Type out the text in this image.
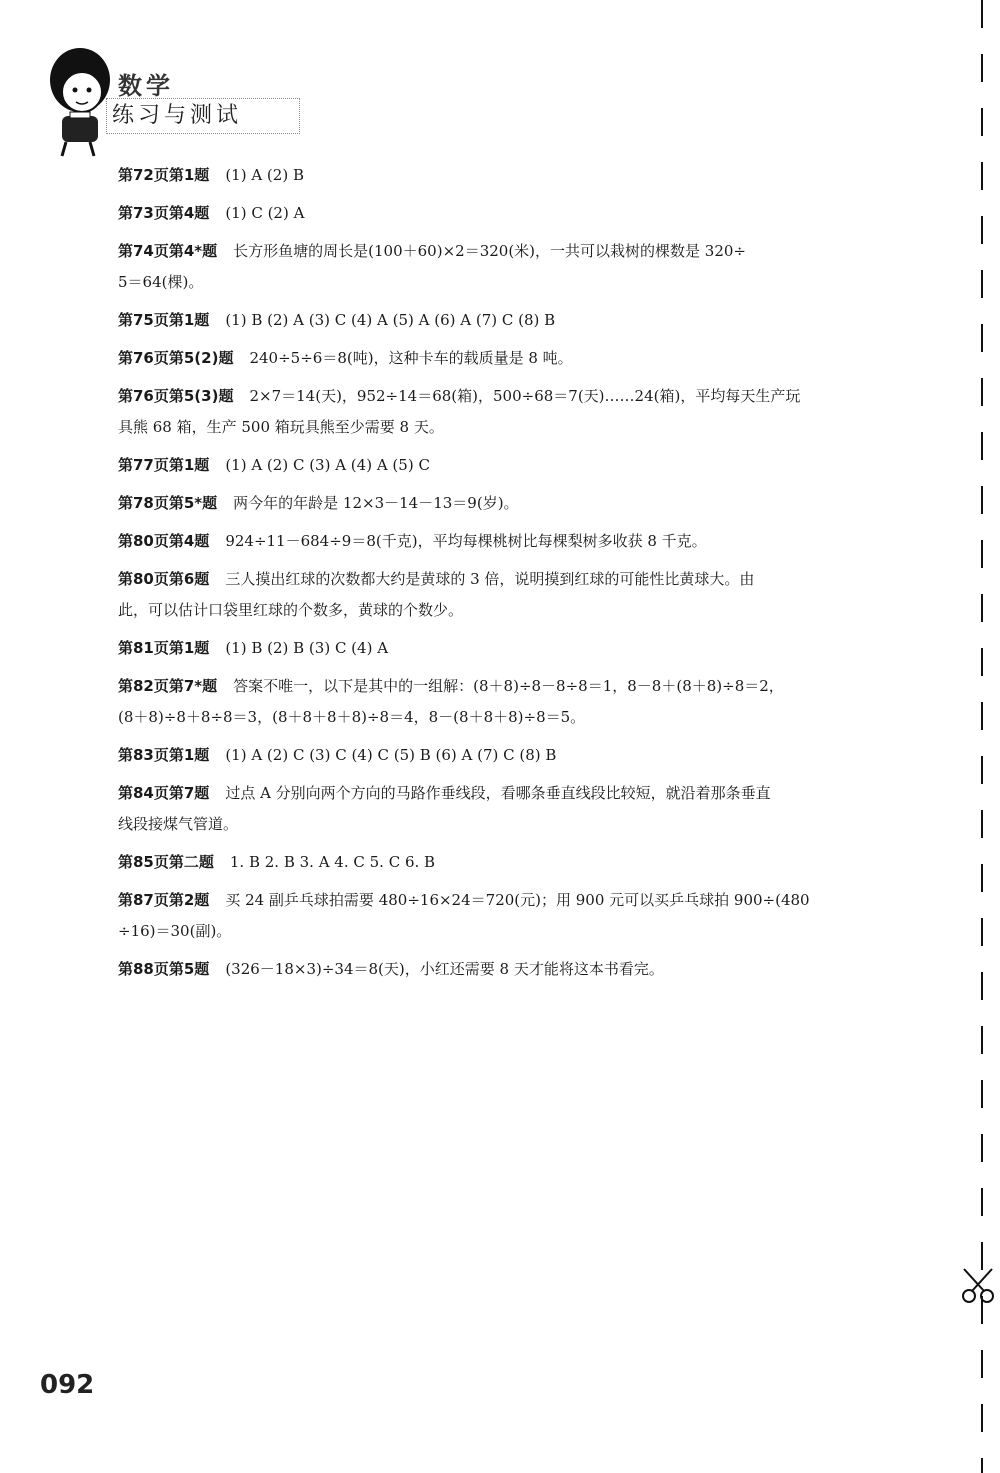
数学
练习与测试
第72页第1题 (1) A (2) B
第73页第4题 (1) C (2) A
第74页第4*题 长方形鱼塘的周长是(100＋60)×2＝320(米)，一共可以栽树的棵数是 320÷
5＝64(棵)。
第75页第1题 (1) B (2) A (3) C (4) A (5) A (6) A (7) C (8) B
第76页第5(2)题 240÷5÷6＝8(吨)，这种卡车的载质量是 8 吨。
第76页第5(3)题 2×7＝14(天)，952÷14＝68(箱)，500÷68＝7(天)……24(箱)，平均每天生产玩
具熊 68 箱，生产 500 箱玩具熊至少需要 8 天。
第77页第1题 (1) A (2) C (3) A (4) A (5) C
第78页第5*题 两今年的年龄是 12×3－14－13＝9(岁)。
第80页第4题 924÷11－684÷9＝8(千克)，平均每棵桃树比每棵梨树多收获 8 千克。
第80页第6题 三人摸出红球的次数都大约是黄球的 3 倍，说明摸到红球的可能性比黄球大。由
此，可以估计口袋里红球的个数多，黄球的个数少。
第81页第1题 (1) B (2) B (3) C (4) A
第82页第7*题 答案不唯一，以下是其中的一组解：(8＋8)÷8－8÷8＝1，8－8＋(8＋8)÷8＝2，
(8＋8)÷8＋8÷8＝3，(8＋8＋8＋8)÷8＝4，8－(8＋8＋8)÷8＝5。
第83页第1题 (1) A (2) C (3) C (4) C (5) B (6) A (7) C (8) B
第84页第7题 过点 A 分别向两个方向的马路作垂线段，看哪条垂直线段比较短，就沿着那条垂直
线段接煤气管道。
第85页第二题 1. B 2. B 3. A 4. C 5. C 6. B
第87页第2题 买 24 副乒乓球拍需要 480÷16×24＝720(元)；用 900 元可以买乒乓球拍 900÷(480
÷16)＝30(副)。
第88页第5题 (326－18×3)÷34＝8(天)，小红还需要 8 天才能将这本书看完。
092
